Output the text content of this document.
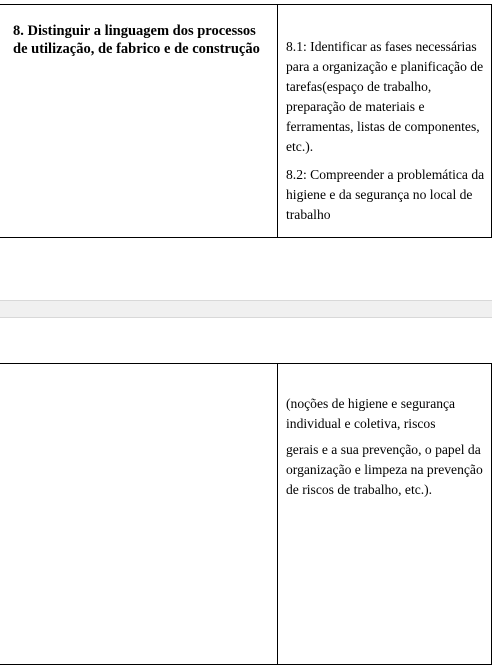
8. Distinguir a linguagem dos processos de utilização, de fabrico e de construção	8.1: Identificar as fases necessárias para a organização e planificação de tarefas(espaço de trabalho, preparação de materiais e ferramentas, listas de componentes, etc.).

8.2: Compreender a problemática da higiene e da segurança no local de trabalho

(noções de higiene e segurança individual e coletiva, riscos

gerais e a sua prevenção, o papel da organização e limpeza na prevenção de riscos de trabalho, etc.).
